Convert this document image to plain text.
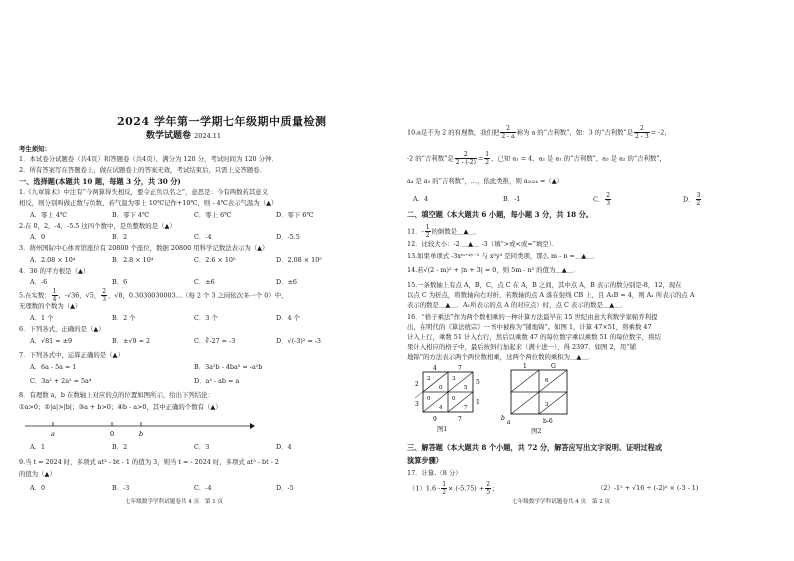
2024 学年第一学期七年级期中质量检测
数学试题卷 2024.11
考生须知：
1．本试卷分试题卷（共4页）和答题卷（共4页），满分为 120 分，考试时间为 120 分钟．
2．所有答案写在答题卷上，做在试题卷上的答案无效，考试结束后，只需上交答题卷．
一、选择题(本题共 10 题，每题 3 分，共 30 分)
1.《九章算术》中注有“今两算得失相反，要令正负以名之”，意思是：今有两数若其意义
相反，则分别叫做正数与负数，若气温为零上 10℃记作+10℃，则 - 4℃表示气温为（▲）
A．零上 4℃	B．零下 4℃	C．零上 6℃	D．零下 6℃
2.在 0，2，-4，-5.5 这四个数中，是负整数的是（▲）
A．0	B．2	C．-4	D．-5.5
3．萌州国际中心体育馆座位有 20800 个座位，数据 20800 用科学记数法表示为（▲）
A．2.08 × 10⁴	B．2.8 × 10⁴	C．2.6 × 10⁵	D．2.08 × 10⁵
4．36 的平方根是（▲）
A．-6	B．6	C．±6	D．±6
5.在实数： $\frac{1}{4}$ ，-√36，√5， $\frac{2}{3}$ ，√8，0.3030030003…（每 2 个 3 之间依次多一个 0）中，
无理数的个数为（▲）
A．1 个	B．2 个	C．3 个	D．4 个
6．下列各式，正确的是（▲）
A．√81 = ±9	B．±√9 = 2	C．∛-27 = -3	D．√(-3)² = -3
7．下列各式中，运算正确的是（▲）
A．6a - 5a = 1	B．3a²b - 4ba² = -a²b
C．3a² + 2a² = 5a⁴	D．a² - ab = a
8．有理数 a，b 在数轴上对应的点的位置如图所示，给出下列结论：
①a>0；②|a|>|b|；③a + b>0；④b - a>0，其中正确的个数有（▲）
a	0	b
A．1	B．2	C．3	D．4
9.当 t = 2024 时，多项式 at³ - bt - 1 的值为 3，则当 t = - 2024 时，多项式 at³ - bt - 2
的值为（▲）
A．0	B．-3	C．-4	D．-5
七年级数学学科试题卷共 4 页　第 1 页
10.a是不为 2 的有理数，我们把 $\frac{2}{2 - a}$ 称为 a 的“吉利数”，如：3 的“吉利数”是 $\frac{2}{2 - 3} = -2$，
-2 的“吉利数”是 $\frac{2}{2 - (-2)} = \frac{1}{2}$ ，已知 a₁ = 4，a₂ 是 a₁ 的“吉利数”，a₃ 是 a₂ 的“吉利数”，
a₄ 是 a₃ 的“吉利数”，…，依此类推，则 a₂₀₂₄ =（▲）
A．4	B．-1	C． $\frac{2}{3}$	D． $\frac{3}{2}$
二、填空题（本大题共 6 小题，每小题 3 分，共 18 分。
11．- $\frac{1}{2}$ 的倒数是＿▲＿．
12．比较大小：-2 ＿▲＿ -3（填“>或<或=”填空）．
13.如果单项式 -3xᵐ⁺⁴ʸ⁻² 与 x⁵y³ 是同类项，那么 m - n =＿▲＿．
14.若√(2 - m)² + |n + 3| = 0，则 5m - n² 的值为＿▲＿．
15.一条数轴上有点 A，B，C，点 C 在 A，B 之间，其中点 A，B 表示的数分别是-8，12，现在
以点 C 为折点，将数轴向右对折，若数轴的点 A 落在射线 CB 上，且 A₁B = 4，则 A₁ 所表示的点 A
表示的数是＿▲＿．A₁所表示的点 A 的对应点）时，点 C 表示的数是＿▲＿．
16．“格子乘法”作为两个数相乘的一种计算方法最早在 15 世纪由意大利数学家帕乔利提
出，在明代的《算法统宗》一书中被称为“铺地锦”。如图 1，计算 47×51，将乘数 47
计入上行，乘数 51 计入右行，然后以乘数 47 的每位数字乘以乘数 51 的每位数字，将结
果计入相应的格子中，最后按斜行加起来（满十进一），得 2397．如图 2，用“铺
地锦”的方法表示两个两位数相乘，这两个两位数的乘积为＿▲＿．
4	7
5
1
2
3
2
0
3
5
0
4
0
7
9	7
图1
1	G
6
3
b
a	b-6
图2
三、解答题（本大题共 8 个小题，共 72 分，解答应写出文字说明、证明过程或
演算步骤）
17．计算.（8 分）
$(1)1.6 - \frac{1}{2} \times (-5.75) + \frac{2}{5}$ ；	（2）-1² + √16 ÷ (-2)² × (-3 - 1)
七年级数学学科试题卷共 4 页　第 2 页
